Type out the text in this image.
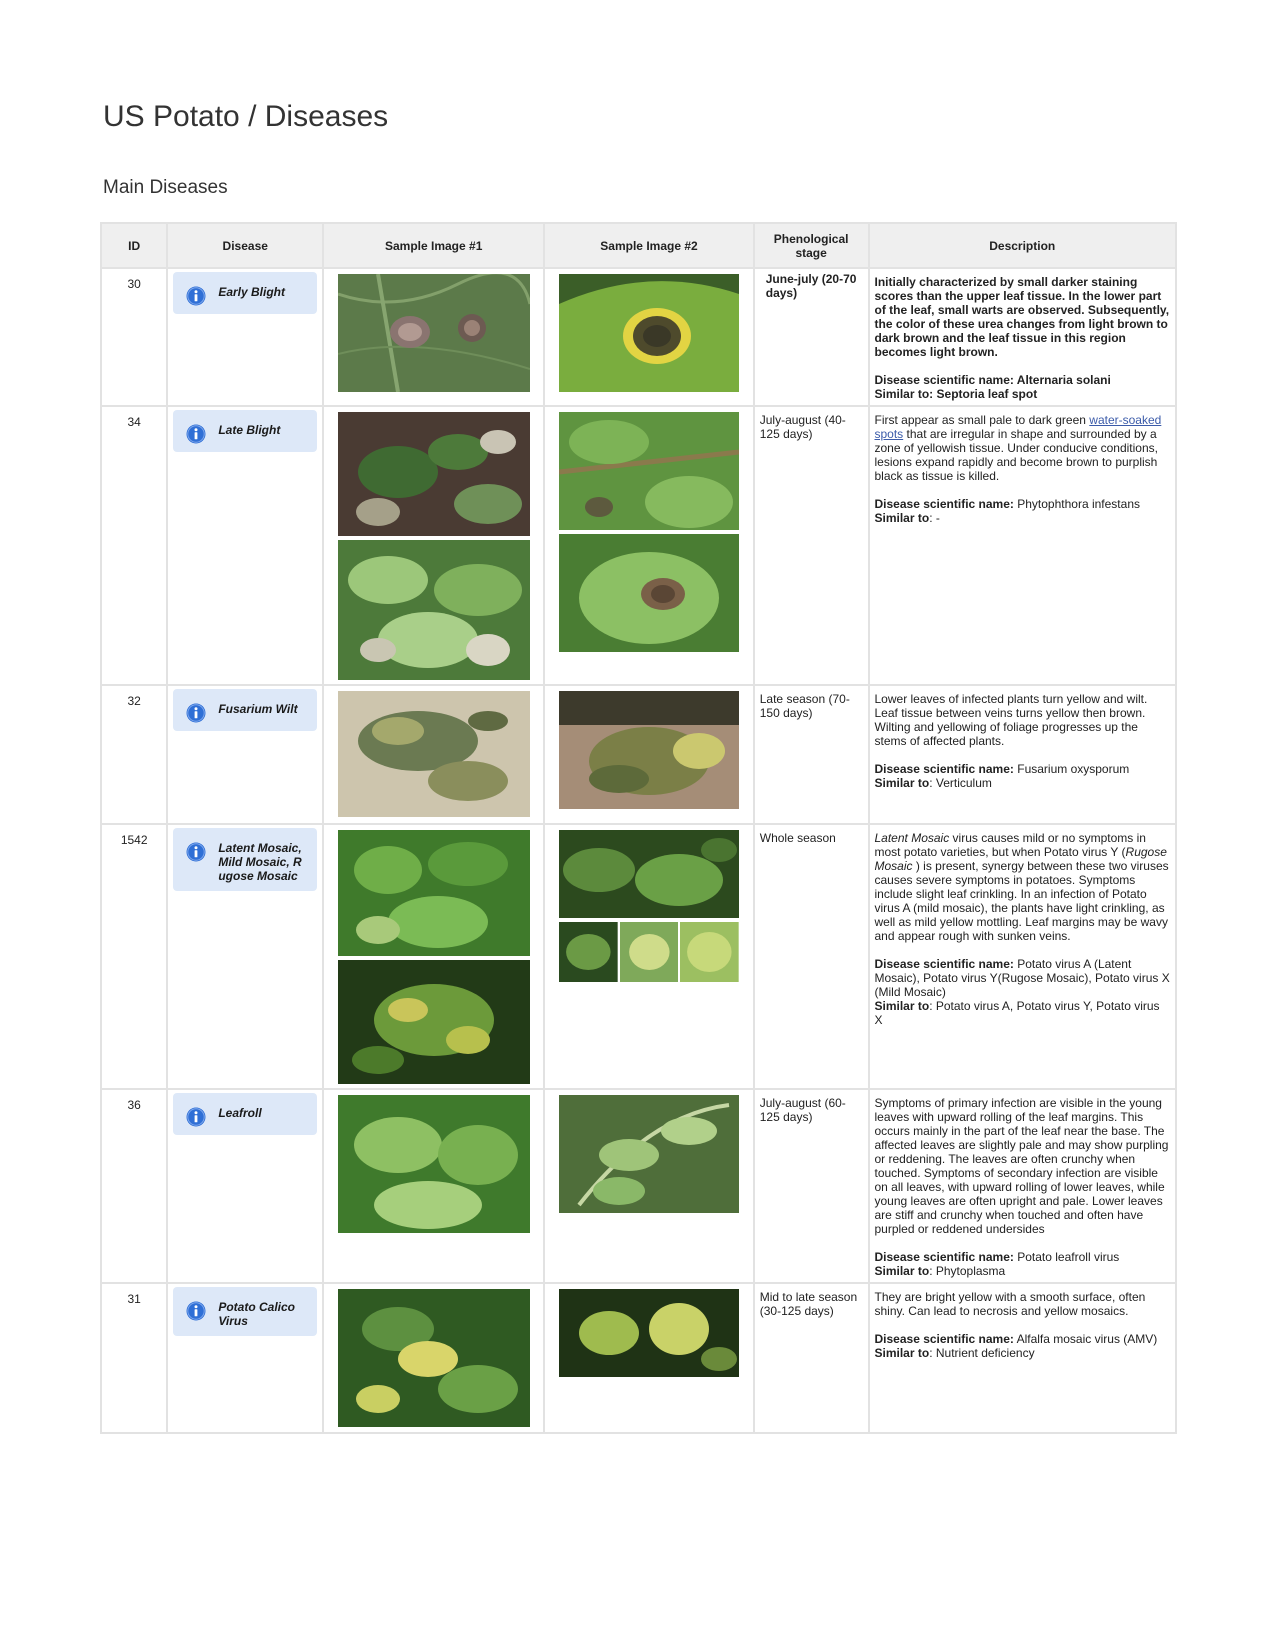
US Potato / Diseases
Main Diseases
ID	Disease	Sample Image #1	Sample Image #2	Phenological stage	Description
30	Early Blight			June-july (20-70 days)	Initially characterized by small darker staining scores than the upper leaf tissue. In the lower part of the leaf, small warts are observed. Subsequently, the color of these urea changes from light brown to dark brown and the leaf tissue in this region becomes light brown.

Disease scientific name: Alternaria solani
Similar to: Septoria leaf spot

34	Late Blight			July-august (40-125 days)	First appear as small pale to dark green water-soaked spots that are irregular in shape and surrounded by a zone of yellowish tissue. Under conducive conditions, lesions expand rapidly and become brown to purplish black as tissue is killed.

Disease scientific name: Phytophthora infestans
Similar to: -

32	Fusarium Wilt			Late season (70-150 days)	Lower leaves of infected plants turn yellow and wilt. Leaf tissue between veins turns yellow then brown. Wilting and yellowing of foliage progresses up the stems of affected plants.

Disease scientific name: Fusarium oxysporum
Similar to: Verticulum

1542	Latent Mosaic, Mild Mosaic, R ugose Mosaic			Whole season	Latent Mosaic virus causes mild or no symptoms in most potato varieties, but when Potato virus Y (Rugose Mosaic ) is present, synergy between these two viruses causes severe symptoms in potatoes. Symptoms include slight leaf crinkling. In an infection of Potato virus A (mild mosaic), the plants have light crinkling, as well as mild yellow mottling. Leaf margins may be wavy and appear rough with sunken veins.

Disease scientific name: Potato virus A (Latent Mosaic), Potato virus Y(Rugose Mosaic), Potato virus X (Mild Mosaic)
Similar to: Potato virus A, Potato virus Y, Potato virus X

36	Leafroll			July-august (60-125 days)	Symptoms of primary infection are visible in the young leaves with upward rolling of the leaf margins. This occurs mainly in the part of the leaf near the base. The affected leaves are slightly pale and may show purpling or reddening. The leaves are often crunchy when touched. Symptoms of secondary infection are visible on all leaves, with upward rolling of lower leaves, while young leaves are often upright and pale. Lower leaves are stiff and crunchy when touched and often have purpled or reddened undersides

Disease scientific name: Potato leafroll virus
Similar to: Phytoplasma

31	Potato Calico Virus			Mid to late season (30-125 days)	They are bright yellow with a smooth surface, often shiny. Can lead to necrosis and yellow mosaics.

Disease scientific name: Alfalfa mosaic virus (AMV)
Similar to: Nutrient deficiency
